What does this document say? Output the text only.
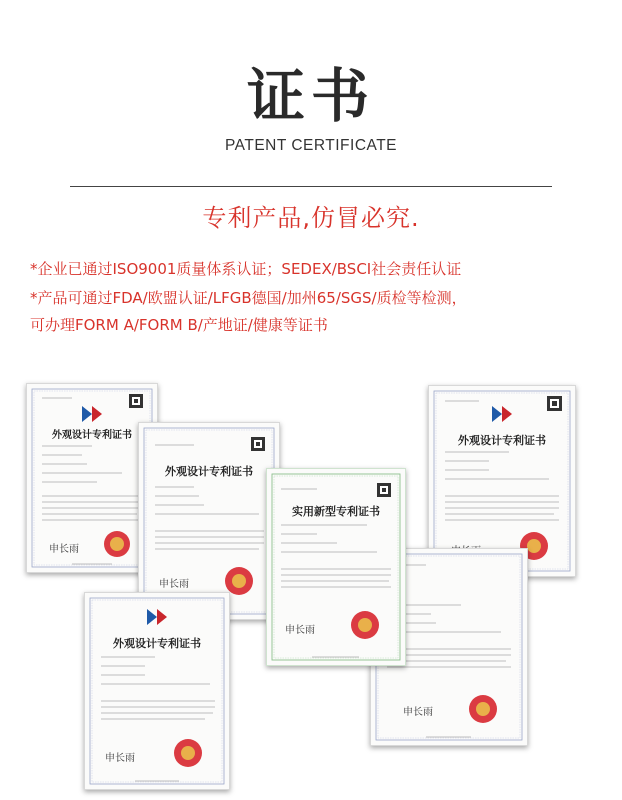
证书
PATENT CERTIFICATE
专利产品,仿冒必究.
*企业已通过ISO9001质量体系认证；SEDEX/BSCI社会责任认证
*产品可通过FDA/欧盟认证/LFGB德国/加州65/SGS/质检等检测，
可办理FORM A/FORM B/产地证/健康等证书
申长雨
外观设计专利证书	外观设计专利证书
申长雨
外观设计专利证书
申长雨
外观设计专利证书
申长雨
申长雨
实用新型专利证书
